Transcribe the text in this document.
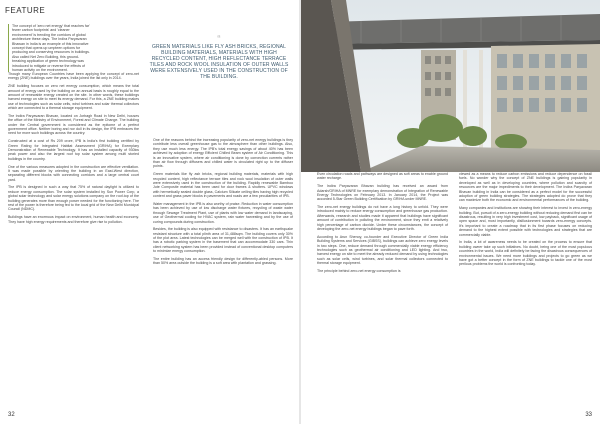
FEATURE
The concept of 'zero net energy' that reaches far' fewer carbon footprints' and 'cleaner environment' is trending the corridors of global architecture these days. The Indira Paryavaran Bhawan in India is an example of this innovative concept that opens up umpteen options for producing and conserving resources in buildings. Also called Net Zero Building, this ground-breaking application of green technology was introduced to mitigate or reverse the effects of human activity on the environment.
“
GREEN MATERIALS LIKE FLY ASH BRICKS, REGIONAL BUILDING MATERIALS, MATERIALS WITH HIGH RECYCLED CONTENT, HIGH REFLECTANCE TERRACE TILES AND ROCK WOOL INSULATION OF OUTER WALLS WERE EXTENSIVELY USED IN THE CONSTRUCTION OF THE BUILDING.

Though many European Countries have been applying the concept of zero-net energy (ZNE) buildings over the years, India joined the list only in 2014.

ZNE building focuses on zero net energy consumption, which means the total amount of energy used by the building on an annual basis is roughly equal to the amount of renewable energy created on the site. In other words, these buildings harvest energy on site to meet its energy demand. For this, a ZNE building makes use of technologies such as solar cells, wind turbines and solar thermal collectors which are connected to a thermal storage equipment.

The Indira Paryavaran Bhavan, located on Jorbagh Road in New Delhi, houses the office of the Ministry of Environment, Forest and Climate Change. The building under the Central government is considered as the epitome of a perfect government office. Neither boring and nor dull in its design, the IPB embraces the need for more such buildings across the country.

Constructed at a cost of Rs 209 crore, IPB is India's first building certified by Green Rating for Integrated Habitat Assessment (GRIHA) for Exemplary Demonstration of Renewable Technology. It has an installed capacity of 930kw peak power and also the largest roof top solar system among multi storied buildings in the country.

One of the various measures adopted in the construction are effective ventilation. It was made possible by orienting the building in an East-West direction, separating different blocks with connecting corridors and a large central court yard.

The IPB is designed in such a way that 75% of natural daylight is utilized to reduce energy consumption. The solar system installed by Sun Power Corp, a global solar technology and solar energy solutions company on the roof-top of the building generates more than enough power needed for the functioning here. The rest of the power is therefore being fed to the local grid of the New Delhi Municipal Council (NDMC).

Buildings have an enormous impact on environment, human health and economy. They have high energy requirements and therefore give rise to pollution.

One of the reasons behind the increasing popularity of zero-net energy buildings is they contribute less overall greenhouse gas to the atmosphere than other buildings. Also, they use much less energy. The IPB's total energy savings of about 40% has been achieved by adoption of energy Efficient Chilled Beam system of Air Conditioning. This is an innovative system, where air conditioning is done by convection currents rather than air flow through diffusers and chilled water is circulated right up to the diffuser points.

Green materials like fly ash bricks, regional building materials, materials with high recycled content, high reflectance terrace tiles and rock wool insulation of outer walls were extensively used in the construction of the building. Rapidly renewable Bamboo Jute Composite material has been used for door frames & shutters. UPVC windows with hermetically sealed double glass, Calcium Silicate ceiling tiles having high recycled content and grass paver blocks in pavements and roads are a few peculiarities of IPB.

Water management in the IPB is also worthy of praise. Reduction in water consumption has been achieved by use of low discharge water fixtures, recycling of waste water through Sewage Treatment Plant, use of plants with low water demand in landscaping, use of Geothermal cooling for HVAC system, rain water harvesting and by the use of curing compounds during construction.

Besides, the building is also equipped with resistance to disasters. It has an earthquake resistant structure with a total plinth area of 31,488sqm. The building covers only 30% of the plot area. Latest technologies can be merged well with the construction of IPB. It has a robotic parking system in the basement that can accommodate 330 cars. Thin client networking system has been provided instead of conventional desktop computers to minimize energy consumption.

The entire building has an access friendly design for differently-abled persons. More than 50% area outside the building is a soft area with plantation and grassing.

32

Even circulation roads and pathways are designed as soft areas to enable ground water recharge.

The Indira Paryavaran Bhavan building has received an award from Adarsh/GRIHA of MNRE for exemplary demonstration of Integration of Renewable Energy Technologies on February 2013. In January 2014, the Project was accorded 5-Star Green Building Certification by GRIHA under MNRE.

The zero-net energy buildings do not have a long history to unfold. They were introduced mainly to reduce energy consumption and greenhouse gas production. Afterwards, research and studies made it apparent that buildings have significant amount of contribution in polluting the environment, since they emit a relatively high percentage of carbon dioxide. Under these circumstances, the concept of developing the zero-net energy buildings began to pave forth.

According to Arun Shenoy, co-founder and Executive Director of Green India Building Systems and Services (GIBSS), buildings can achieve zero energy levels in two steps. One, reduce demand through commercially viable energy efficiency technologies such as geothermal air conditioning and LED lighting. And two, harvest energy on site to meet the already reduced demand by using technologies such as solar cells, wind turbines, and solar thermal collectors connected to thermal storage equipment.

The principle behind zero-net energy consumption is

viewed as a means to reduce carbon emissions and reduce dependence on fossil fuels. No wonder why the concept of ZNE buildings is gaining popularity in developed as well as in developing countries, where pollution and scarcity of resources are the major impediments to their development. The Indira Paryavaran Bhavan building in India can be considered as a perfect model for the successful adoption of green building strategies. The strategies adopted do prove that they can maximize both the economic and environmental performances of the building.

Many companies and institutions are showing their interest to invest in zero-energy building. But, pursuit of a zero-energy building without reducing demand first can be disastrous, resulting in very high investment cost, low payback, significant usage of open space and, most importantly, disillusionment towards zero-energy concepts. It's important to create a roadmap that in its first phase focuses on reducing demand to the highest extent possible with technologies and strategies that are commercially viable.

In India, a lot of awareness needs to be created on the process to ensure that building owner take up such initiatives. No doubt, being one of the most populous countries in the world, India will definitely be facing the disastrous consequences of environmental issues. We need more buildings and projects to go green as we have got a better concept in the form of ZNE buildings to tackle one of the most perilous problems the world is confronting today.

33
